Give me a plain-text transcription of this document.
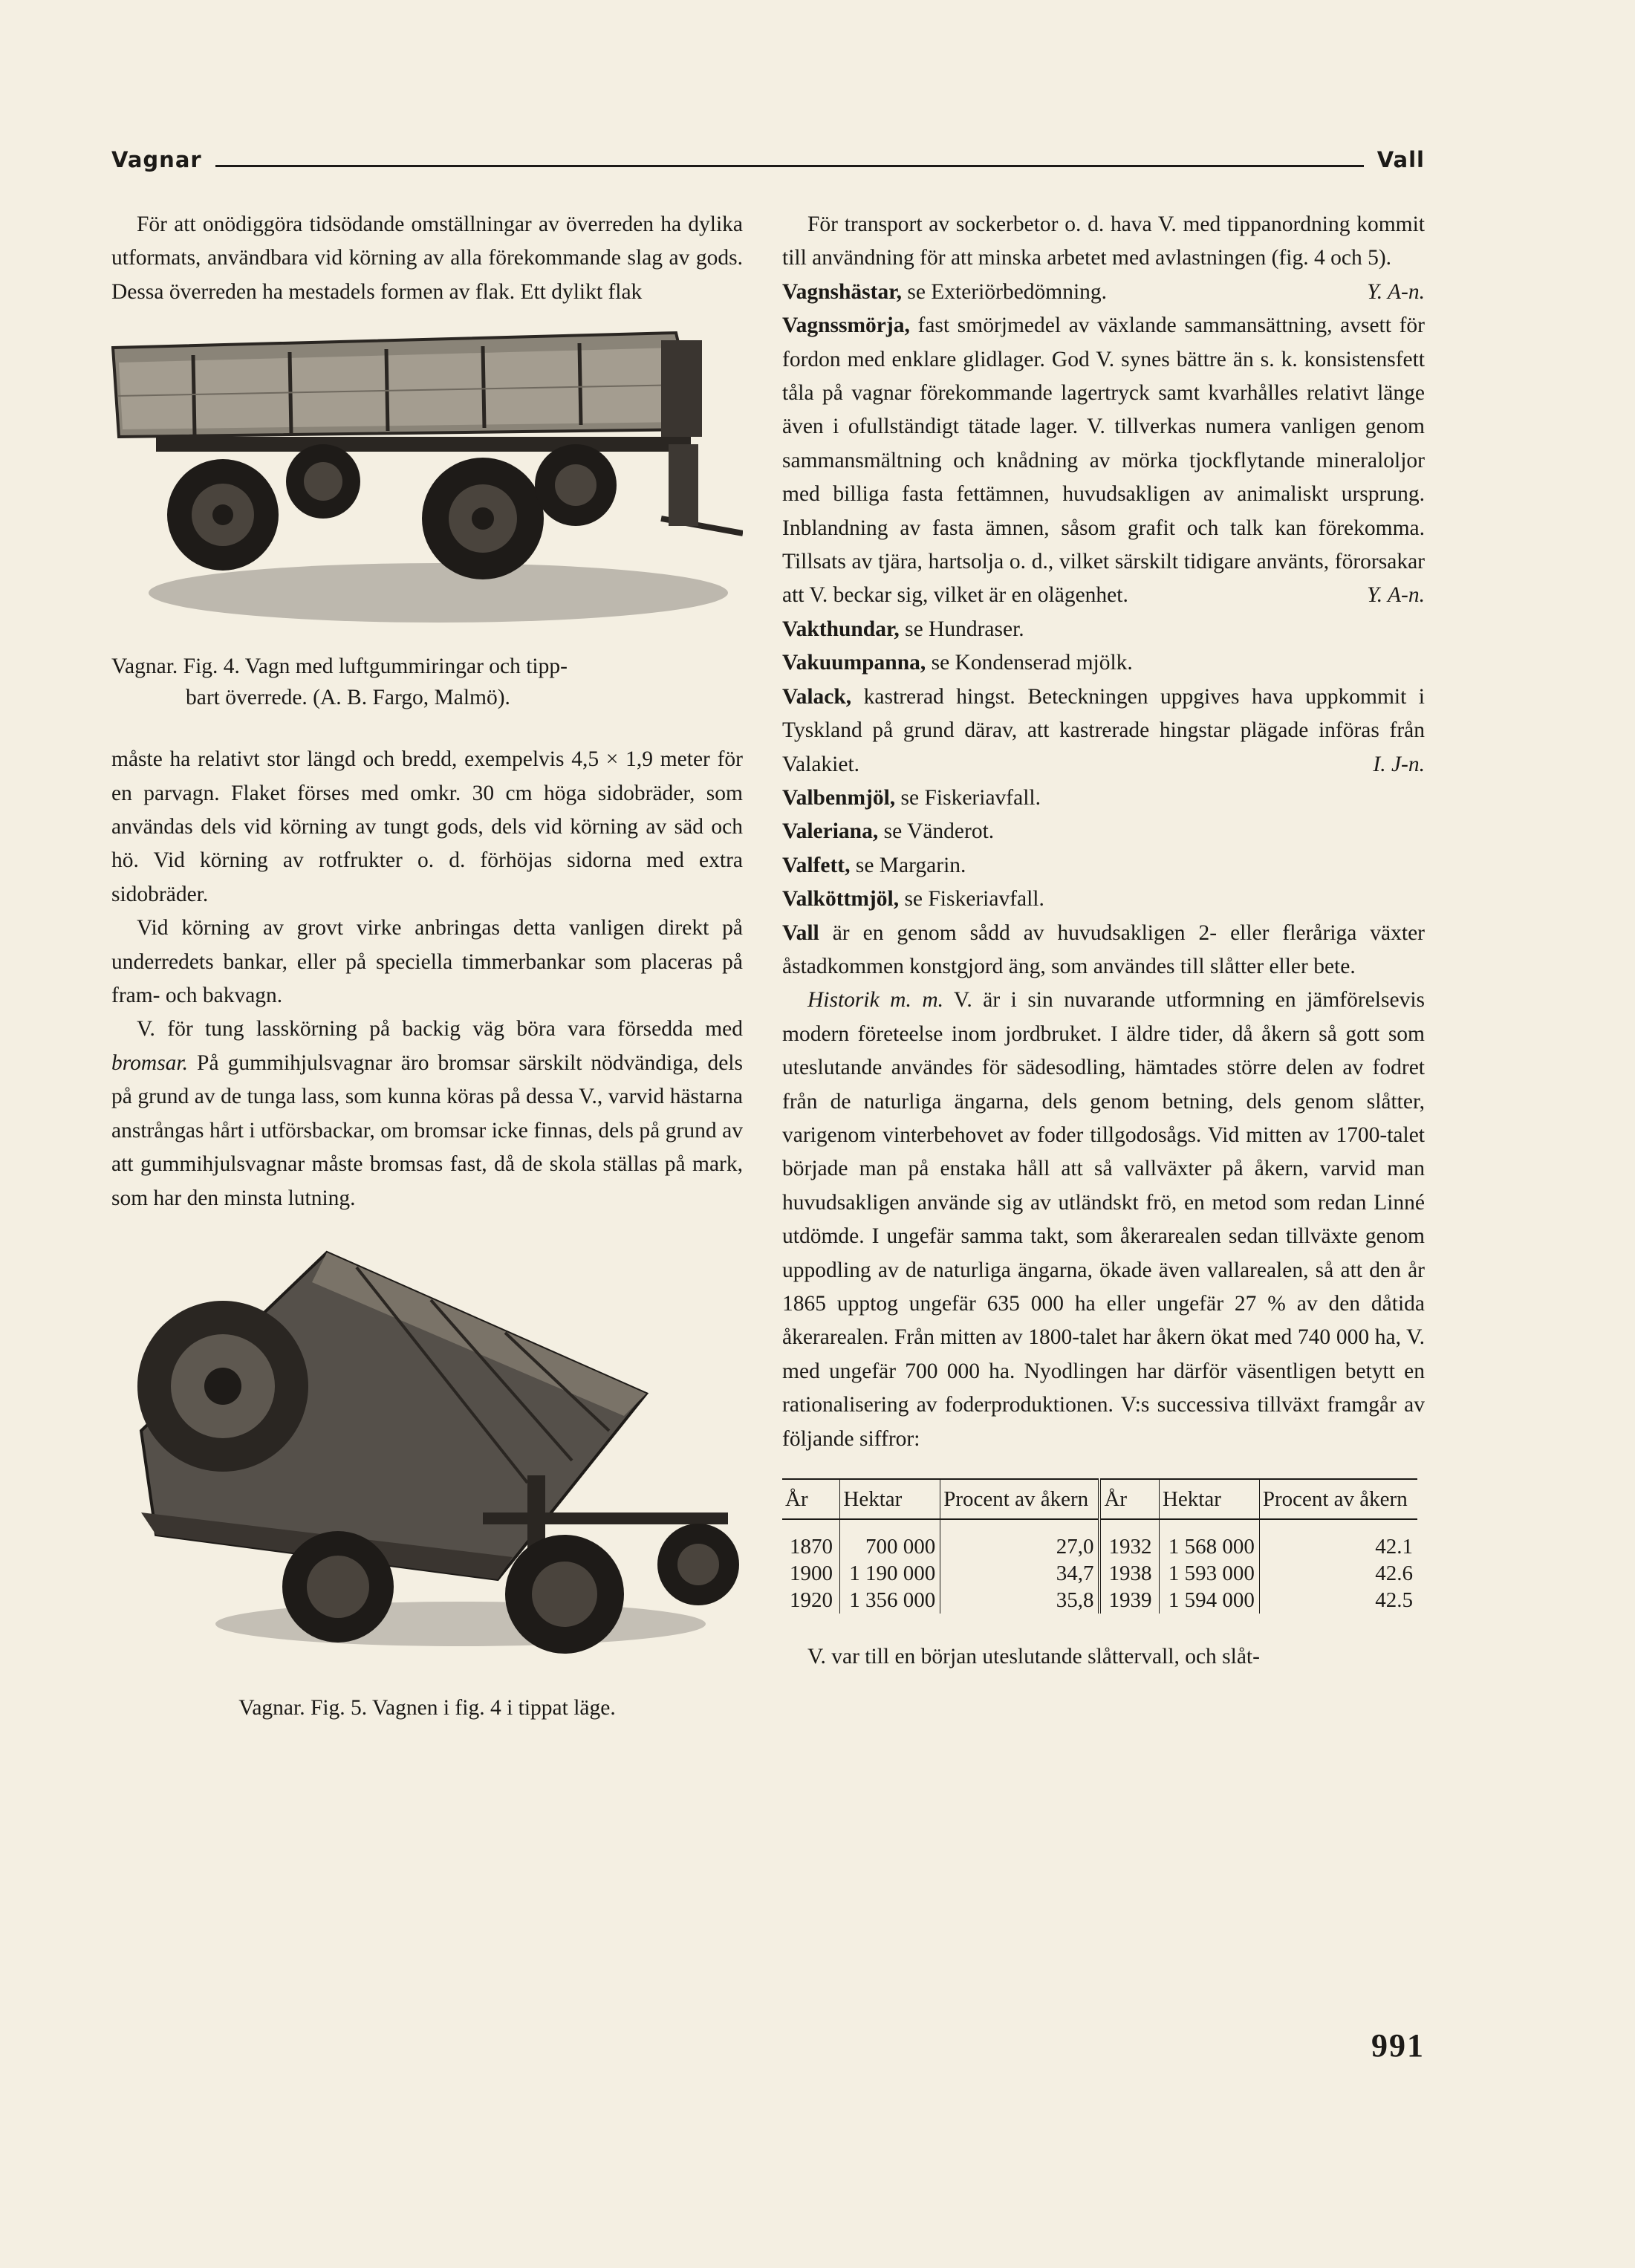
Vagnar	Vall

För att onödiggöra tidsödande omställningar av överreden ha dylika utformats, användbara vid körning av alla förekommande slag av gods. Dessa överreden ha mestadels formen av flak. Ett dylikt flak

Vagnar. Fig. 4. Vagn med luftgummiringar och tipp-
bart överrede. (A. B. Fargo, Malmö).

måste ha relativt stor längd och bredd, exempelvis 4,5 × 1,9 meter för en parvagn. Flaket förses med omkr. 30 cm höga sidobräder, som användas dels vid körning av tungt gods, dels vid körning av säd och hö. Vid körning av rotfrukter o. d. förhöjas sidorna med extra sidobräder.

Vid körning av grovt virke anbringas detta vanligen direkt på underredets bankar, eller på speciella timmerbankar som placeras på fram- och bakvagn.

V. för tung lasskörning på backig väg böra vara försedda med bromsar. På gummihjulsvagnar äro bromsar särskilt nödvändiga, dels på grund av de tunga lass, som kunna köras på dessa V., varvid hästarna anstrångas hårt i utförsbackar, om bromsar icke finnas, dels på grund av att gummihjulsvagnar måste bromsas fast, då de skola ställas på mark, som har den minsta lutning.

Vagnar. Fig. 5. Vagnen i fig. 4 i tippat läge.

För transport av sockerbetor o. d. hava V. med tippanordning kommit till användning för att minska arbetet med avlastningen (fig. 4 och 5).
Y. A-n.

Vagnshästar, se Exteriörbedömning.

Vagnssmörja, fast smörjmedel av växlande sammansättning, avsett för fordon med enklare glidlager. God V. synes bättre än s. k. konsistensfett tåla på vagnar förekommande lagertryck samt kvarhålles relativt länge även i ofullständigt tätade lager. V. tillverkas numera vanligen genom sammansmältning och knådning av mörka tjockflytande mineraloljor med billiga fasta fettämnen, huvudsakligen av animaliskt ursprung. Inblandning av fasta ämnen, såsom grafit och talk kan förekomma. Tillsats av tjära, hartsolja o. d., vilket särskilt tidigare använts, förorsakar att V. beckar sig, vilket är en olägenhet.	Y. A-n.

Vakthundar, se Hundraser.

Vakuumpanna, se Kondenserad mjölk.

Valack, kastrerad hingst. Beteckningen uppgives hava uppkommit i Tyskland på grund därav, att kastrerade hingstar plägade införas från Valakiet.	I. J-n.

Valbenmjöl, se Fiskeriavfall.

Valeriana, se Vänderot.

Valfett, se Margarin.

Valköttmjöl, se Fiskeriavfall.

Vall är en genom sådd av huvudsakligen 2- eller fleråriga växter åstadkommen konstgjord äng, som användes till slåtter eller bete.

Historik m. m. V. är i sin nuvarande utformning en jämförelsevis modern företeelse inom jordbruket. I äldre tider, då åkern så gott som uteslutande användes för sädesodling, hämtades större delen av fodret från de naturliga ängarna, dels genom betning, dels genom slåtter, varigenom vinterbehovet av foder tillgodosågs. Vid mitten av 1700-talet började man på enstaka håll att så vallväxter på åkern, varvid man huvudsakligen använde sig av utländskt frö, en metod som redan Linné utdömde. I ungefär samma takt, som åkerarealen sedan tillväxte genom uppodling av de naturliga ängarna, ökade även vallarealen, så att den år 1865 upptog ungefär 635 000 ha eller ungefär 27 % av den dåtida åkerarealen. Från mitten av 1800-talet har åkern ökat med 740 000 ha, V. med ungefär 700 000 ha. Nyodlingen har därför väsentligen betytt en rationalisering av foderproduktionen. V:s successiva tillväxt framgår av följande siffror:

År	Hektar	Procent av åkern	År	Hektar	Procent av åkern
1870	700 000	27,0	1932	1 568 000	42.1
1900	1 190 000	34,7	1938	1 593 000	42.6
1920	1 356 000	35,8	1939	1 594 000	42.5

V. var till en början uteslutande slåttervall, och slåt-

991
